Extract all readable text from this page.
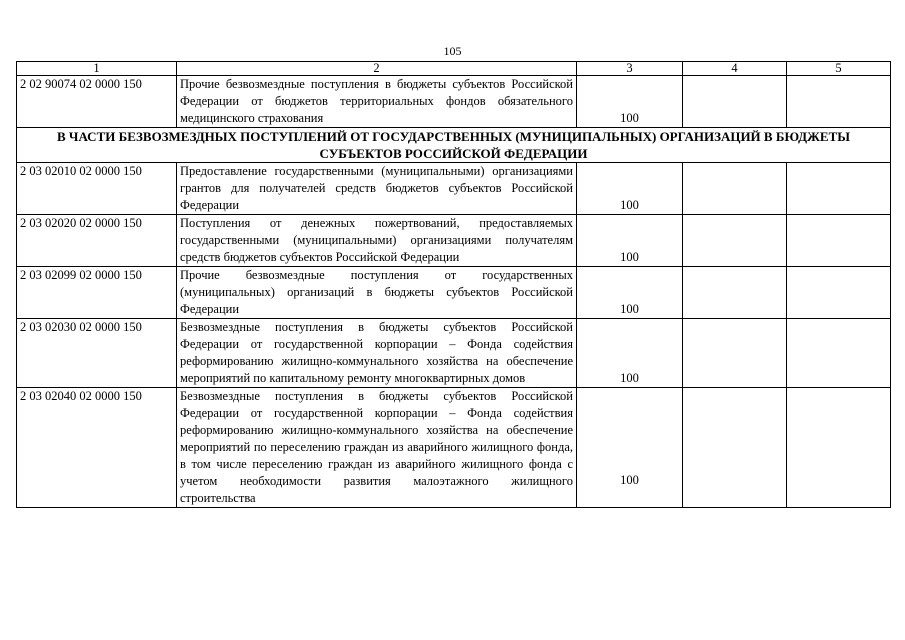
105
1	2	3	4	5
2 02 90074 02 0000 150	Прочие безвозмездные поступления в бюджеты субъектов Российской Федерации от бюджетов территориальных фондов обязательного медицинского страхования	100		
В ЧАСТИ БЕЗВОЗМЕЗДНЫХ ПОСТУПЛЕНИЙ ОТ ГОСУДАРСТВЕННЫХ (МУНИЦИПАЛЬНЫХ) ОРГАНИЗАЦИЙ В БЮДЖЕТЫ СУБЪЕКТОВ РОССИЙСКОЙ ФЕДЕРАЦИИ				
2 03 02010 02 0000 150	Предоставление государственными (муниципальными) организациями грантов для получателей средств бюджетов субъектов Российской Федерации	100		
2 03 02020 02 0000 150	Поступления от денежных пожертвований, предоставляемых государственными (муниципальными) организациями получателям средств бюджетов субъектов Российской Федерации	100		
2 03 02099 02 0000 150	Прочие безвозмездные поступления от государственных (муниципальных) организаций в бюджеты субъектов Российской Федерации	100		
2 03 02030 02 0000 150	Безвозмездные поступления в бюджеты субъектов Российской Федерации от государственной корпорации – Фонда содействия реформированию жилищно-коммунального хозяйства на обеспечение мероприятий по капитальному ремонту многоквартирных домов	100		
2 03 02040 02 0000 150	Безвозмездные поступления в бюджеты субъектов Российской Федерации от государственной корпорации – Фонда содействия реформированию жилищно-коммунального хозяйства на обеспечение мероприятий по переселению граждан из аварийного жилищного фонда, в том числе переселению граждан из аварийного жилищного фонда с учетом необходимости развития малоэтажного жилищного строительства	100		
